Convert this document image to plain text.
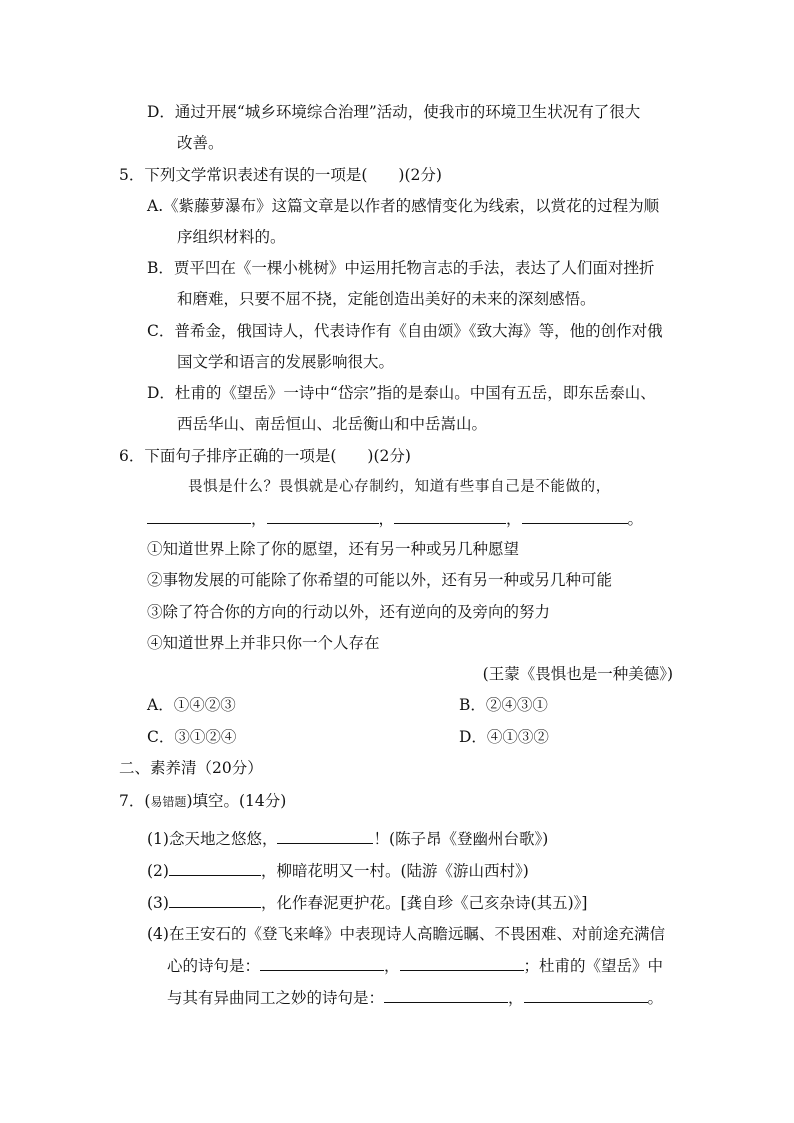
D．通过开展“城乡环境综合治理”活动，使我市的环境卫生状况有了很大
改善。
5．下列文学常识表述有误的一项是(　　)(2分)
A.《紫藤萝瀑布》这篇文章是以作者的感情变化为线索，以赏花的过程为顺
序组织材料的。
B．贾平凹在《一棵小桃树》中运用托物言志的手法，表达了人们面对挫折
和磨难，只要不屈不挠，定能创造出美好的未来的深刻感悟。
C．普希金，俄国诗人，代表诗作有《自由颂》《致大海》等，他的创作对俄
国文学和语言的发展影响很大。
D．杜甫的《望岳》一诗中“岱宗”指的是泰山。中国有五岳，即东岳泰山、
西岳华山、南岳恒山、北岳衡山和中岳嵩山。
6．下面句子排序正确的一项是(　　)(2分)
畏惧是什么？畏惧就是心存制约，知道有些事自己是不能做的，
，	，	，	。
①知道世界上除了你的愿望，还有另一种或另几种愿望
②事物发展的可能除了你希望的可能以外，还有另一种或另几种可能
③除了符合你的方向的行动以外，还有逆向的及旁向的努力
④知道世界上并非只你一个人存在
(王蒙《畏惧也是一种美德》)
A．①④②③	B．②④③①
C．③①②④	D．④①③②
二、素养清（20分）
7．(易错题)填空。(14分)
(1)念天地之悠悠，	！(陈子昂《登幽州台歌》)
(2)	，柳暗花明又一村。(陆游《游山西村》)
(3)	，化作春泥更护花。[龚自珍《己亥杂诗(其五)》]
(4)在王安石的《登飞来峰》中表现诗人高瞻远瞩、不畏困难、对前途充满信
心的诗句是：	，	；杜甫的《望岳》中
与其有异曲同工之妙的诗句是：	，	。
